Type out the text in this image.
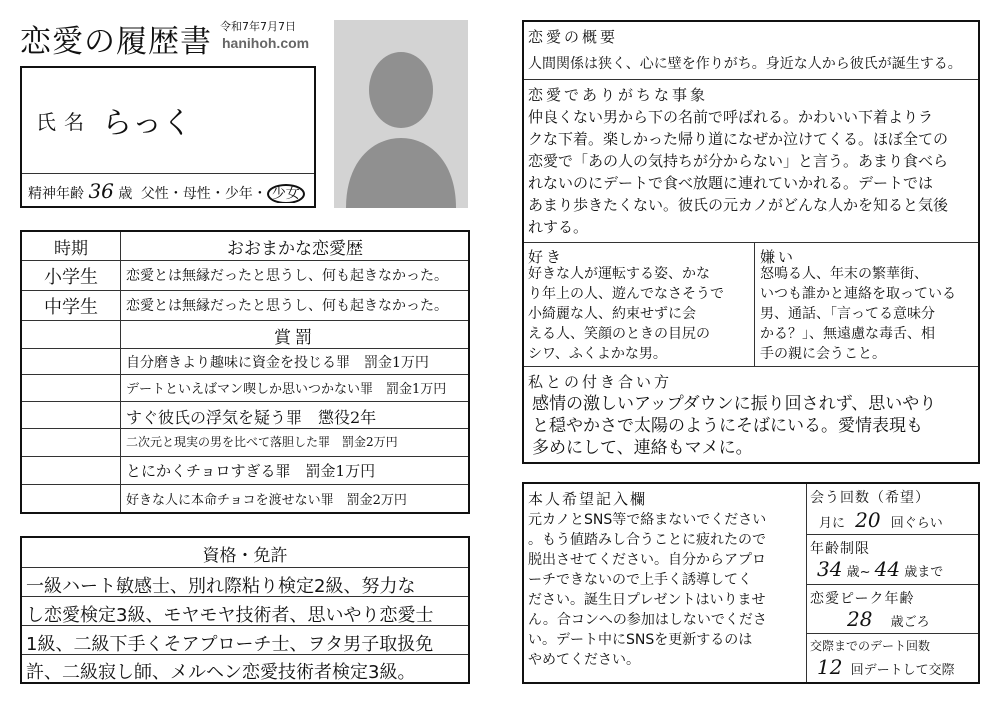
恋愛の履歴書 令和7年7月7日
hanihoh.com
氏名 らっく
精神年齢 36 歳 父性・母性・少年・ 少女
時期	おおまかな恋愛歴
小学生	恋愛とは無縁だったと思うし、何も起きなかった。
中学生	恋愛とは無縁だったと思うし、何も起きなかった。
賞罰
自分磨きより趣味に資金を投じる罪　罰金1万円
デートといえばマン喫しか思いつかない罪　罰金1万円
すぐ彼氏の浮気を疑う罪　懲役2年
二次元と現実の男を比べて落胆した罪　罰金2万円
とにかくチョロすぎる罪　罰金1万円
好きな人に本命チョコを渡せない罪　罰金2万円
資格・免許
一級ハート敏感士、別れ際粘り検定2級、努力な
し恋愛検定3級、モヤモヤ技術者、思いやり恋愛士
1級、二級下手くそアプローチ士、ヲタ男子取扱免
許、二級寂し師、メルヘン恋愛技術者検定3級。
恋愛の概要
人間関係は狭く、心に壁を作りがち。身近な人から彼氏が誕生する。
恋愛でありがちな事象
仲良くない男から下の名前で呼ばれる。かわいい下着よりラ
クな下着。楽しかった帰り道になぜか泣けてくる。ほぼ全ての
恋愛で「あの人の気持ちが分からない」と言う。あまり食べら
れないのにデートで食べ放題に連れていかれる。デートでは
あまり歩きたくない。彼氏の元カノがどんな人かを知ると気後
れする。
好き
好きな人が運転する姿、かな
り年上の人、遊んでなさそうで
小綺麗な人、約束せずに会
える人、笑顔のときの目尻の
シワ、ふくよかな男。
嫌い
怒鳴る人、年末の繁華街、
いつも誰かと連絡を取っている
男、通話、「言ってる意味分
かる？」、無遠慮な毒舌、相
手の親に会うこと。
私との付き合い方
感情の激しいアップダウンに振り回されず、思いやり
と穏やかさで太陽のようにそばにいる。愛情表現も
多めにして、連絡もマメに。
本人希望記入欄
元カノとSNS等で絡まないでください
。もう値踏みし合うことに疲れたので
脱出させてください。自分からアプロ
ーチできないので上手く誘導してく
ださい。誕生日プレゼントはいりませ
ん。合コンへの参加はしないでくださ
い。デート中にSNSを更新するのは
やめてください。
会う回数（希望）
月に 20 回ぐらい
年齢制限
34 歳~ 44 歳まで
恋愛ピーク年齢
28 歳ごろ
交際までのデート回数
12 回デートして交際
